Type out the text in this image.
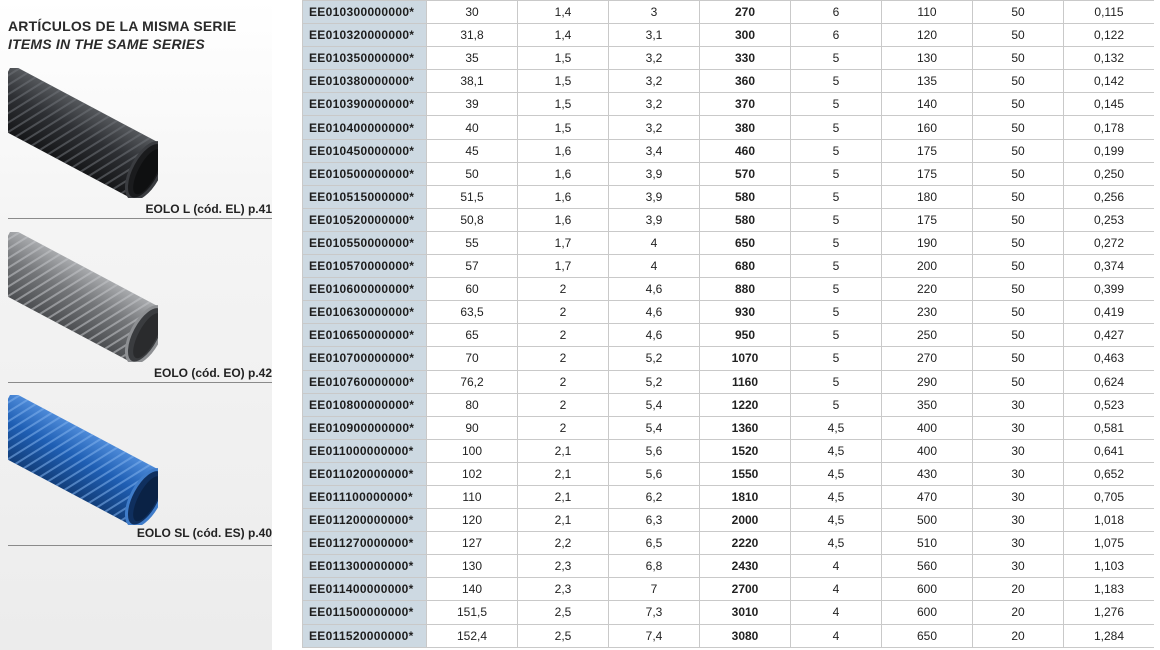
ARTÍCULOS DE LA MISMA SERIE
ITEMS IN THE SAME SERIES
EOLO L (cód. EL) p.41
EOLO (cód. EO) p.42
EOLO SL (cód. ES) p.40
EE010300000000*	30	1,4	3	270	6	110	50	0,115
EE010320000000*	31,8	1,4	3,1	300	6	120	50	0,122
EE010350000000*	35	1,5	3,2	330	5	130	50	0,132
EE010380000000*	38,1	1,5	3,2	360	5	135	50	0,142
EE010390000000*	39	1,5	3,2	370	5	140	50	0,145
EE010400000000*	40	1,5	3,2	380	5	160	50	0,178
EE010450000000*	45	1,6	3,4	460	5	175	50	0,199
EE010500000000*	50	1,6	3,9	570	5	175	50	0,250
EE010515000000*	51,5	1,6	3,9	580	5	180	50	0,256
EE010520000000*	50,8	1,6	3,9	580	5	175	50	0,253
EE010550000000*	55	1,7	4	650	5	190	50	0,272
EE010570000000*	57	1,7	4	680	5	200	50	0,374
EE010600000000*	60	2	4,6	880	5	220	50	0,399
EE010630000000*	63,5	2	4,6	930	5	230	50	0,419
EE010650000000*	65	2	4,6	950	5	250	50	0,427
EE010700000000*	70	2	5,2	1070	5	270	50	0,463
EE010760000000*	76,2	2	5,2	1160	5	290	50	0,624
EE010800000000*	80	2	5,4	1220	5	350	30	0,523
EE010900000000*	90	2	5,4	1360	4,5	400	30	0,581
EE011000000000*	100	2,1	5,6	1520	4,5	400	30	0,641
EE011020000000*	102	2,1	5,6	1550	4,5	430	30	0,652
EE011100000000*	110	2,1	6,2	1810	4,5	470	30	0,705
EE011200000000*	120	2,1	6,3	2000	4,5	500	30	1,018
EE011270000000*	127	2,2	6,5	2220	4,5	510	30	1,075
EE011300000000*	130	2,3	6,8	2430	4	560	30	1,103
EE011400000000*	140	2,3	7	2700	4	600	20	1,183
EE011500000000*	151,5	2,5	7,3	3010	4	600	20	1,276
EE011520000000*	152,4	2,5	7,4	3080	4	650	20	1,284
